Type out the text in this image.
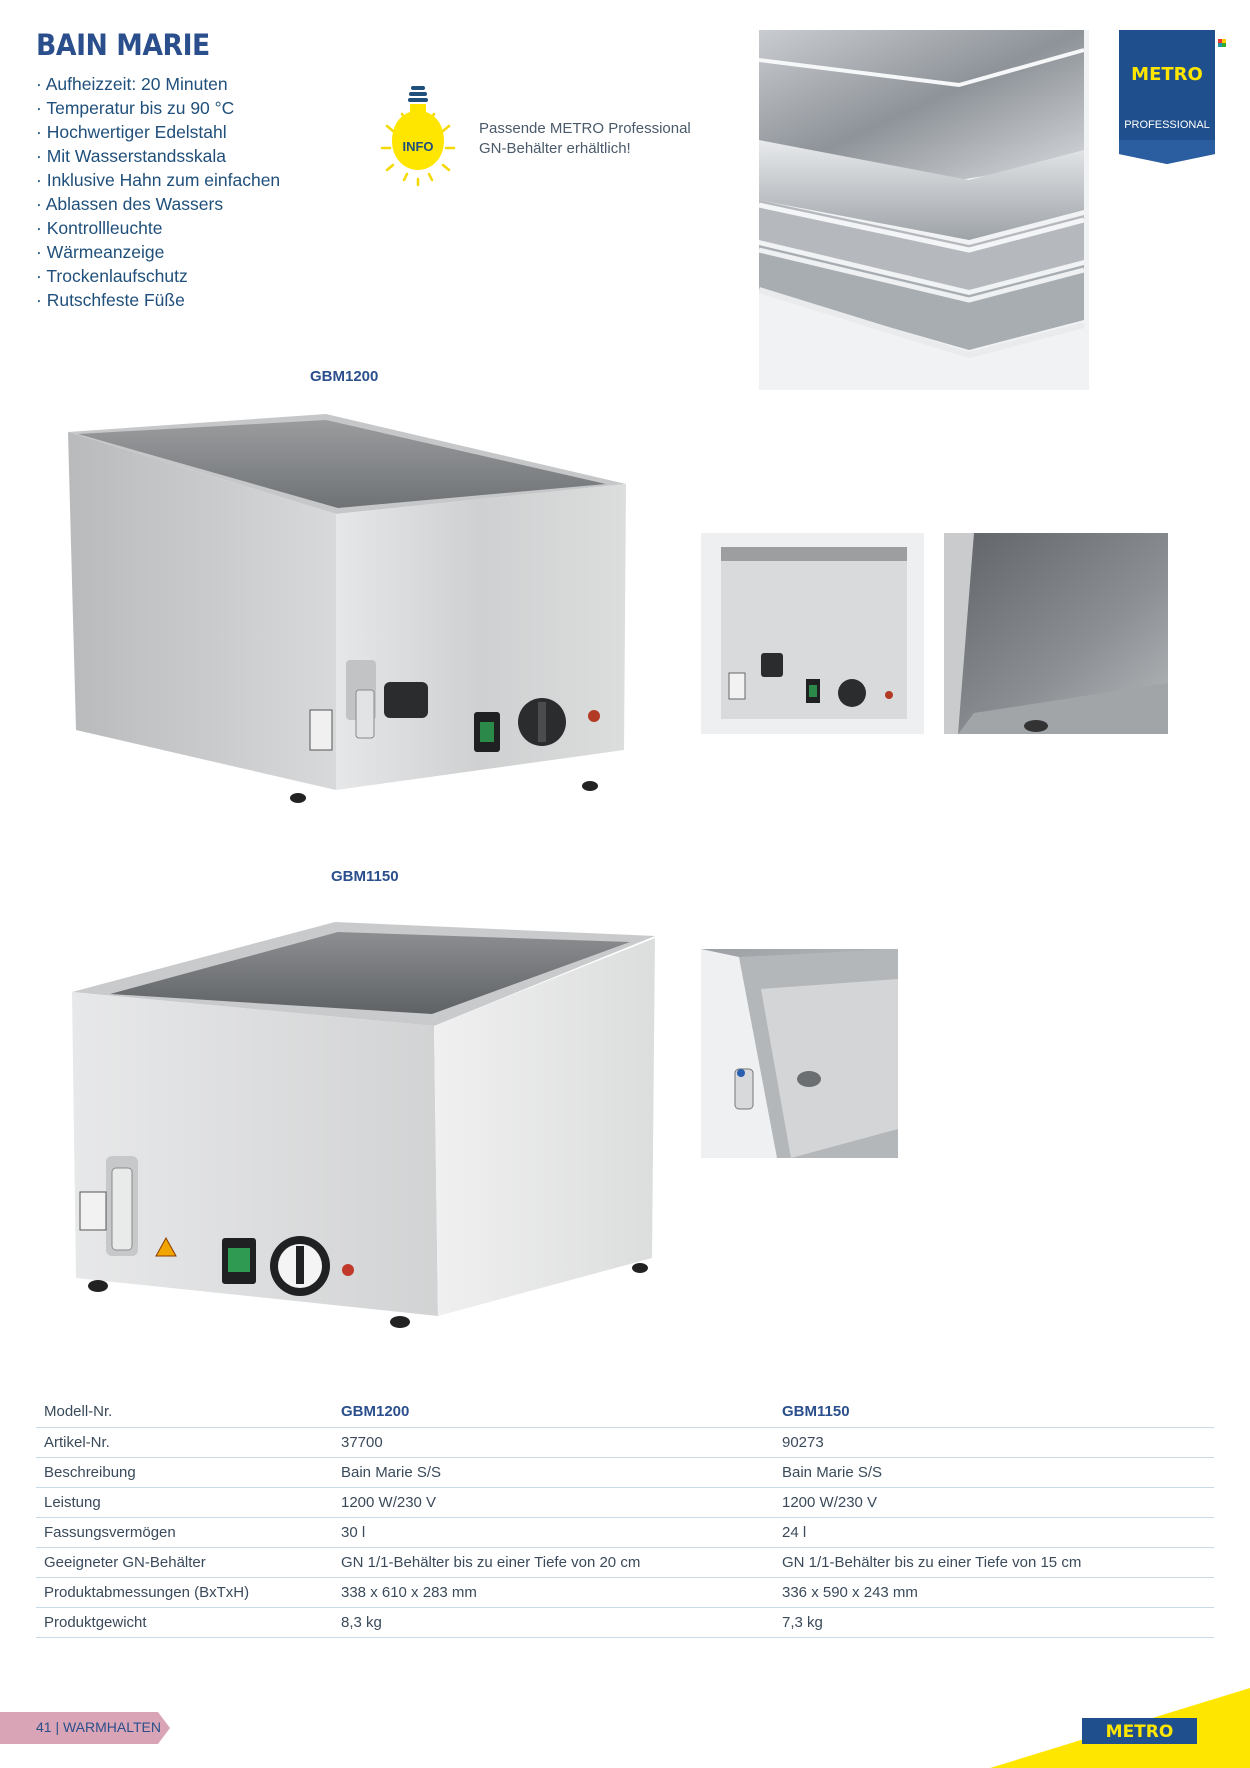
BAIN MARIE
· Aufheizzeit: 20 Minuten
· Temperatur bis zu 90 °C
· Hochwertiger Edelstahl
· Mit Wasserstandsskala
· Inklusive Hahn zum einfachen
· Ablassen des Wassers
· Kontrollleuchte
· Wärmeanzeige
· Trockenlaufschutz
· Rutschfeste Füße
INFO
Passende METRO Professional
GN-Behälter erhältlich!
METRO
PROFESSIONAL
GBM1200
GBM1150
Modell-Nr.	GBM1200	GBM1150
Artikel-Nr.	37700	90273
Beschreibung	Bain Marie S/S	Bain Marie S/S
Leistung	1200 W/230 V	1200 W/230 V
Fassungsvermögen	30 l	24 l
Geeigneter GN-Behälter	GN 1/1-Behälter bis zu einer Tiefe von 20 cm	GN 1/1-Behälter bis zu einer Tiefe von 15 cm
Produktabmessungen (BxTxH)	338 x 610 x 283 mm	336 x 590 x 243 mm
Produktgewicht	8,3 kg	7,3 kg
41 | WARMHALTEN	METRO
